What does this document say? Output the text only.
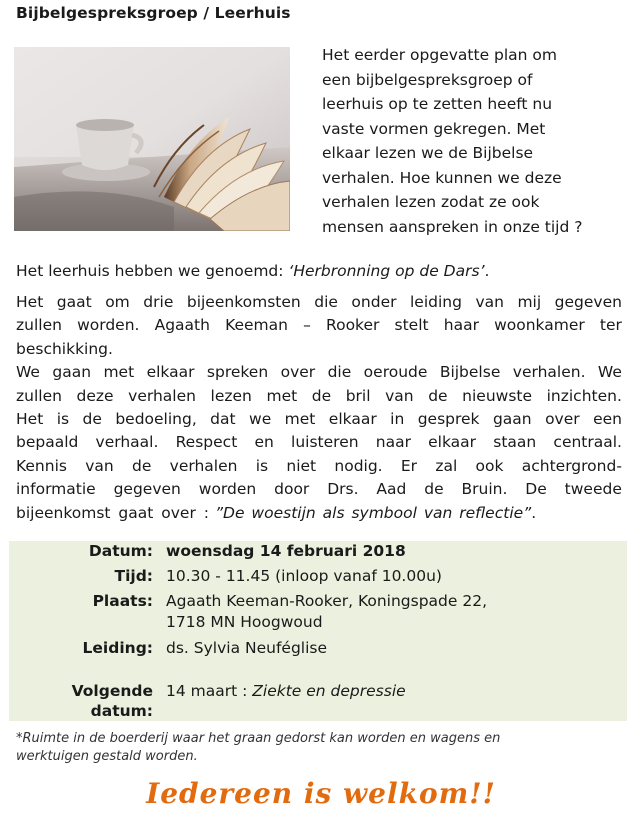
Bijbelgespreksgroep / Leerhuis
Het eerder opgevatte plan om
een bijbelgespreksgroep of
leerhuis op te zetten heeft nu
vaste vormen gekregen. Met
elkaar lezen we de Bijbelse
verhalen. Hoe kunnen we deze
verhalen lezen zodat ze ook
mensen aanspreken in onze tijd ?
Het leerhuis hebben we genoemd: ‘Herbronning op de Dars’.
Het gaat om drie bijeenkomsten die onder leiding van mij gegeven
zullen worden. Agaath Keeman – Rooker stelt haar woonkamer ter
beschikking.
We gaan met elkaar spreken over die oeroude Bijbelse verhalen. We
zullen deze verhalen lezen met de bril van de nieuwste inzichten.
Het is de bedoeling, dat we met elkaar in gesprek gaan over een
bepaald verhaal. Respect en luisteren naar elkaar staan centraal.
Kennis van de verhalen is niet nodig. Er zal ook achtergrond-
informatie gegeven worden door Drs. Aad de Bruin. De tweede
bijeenkomst gaat over : ”De woestijn als symbool van reflectie” .
Datum: woensdag 14 februari 2018
Tijd: 10.30 - 11.45 (inloop vanaf 10.00u)
Plaats: Agaath Keeman-Rooker, Koningspade 22,
1718 MN Hoogwoud
Leiding: ds. Sylvia Neuféglise
Volgende 14 maart : Ziekte en depressie
datum:
*Ruimte in de boerderij waar het graan gedorst kan worden en wagens en
werktuigen gestald worden.
Iedereen is welkom!!
